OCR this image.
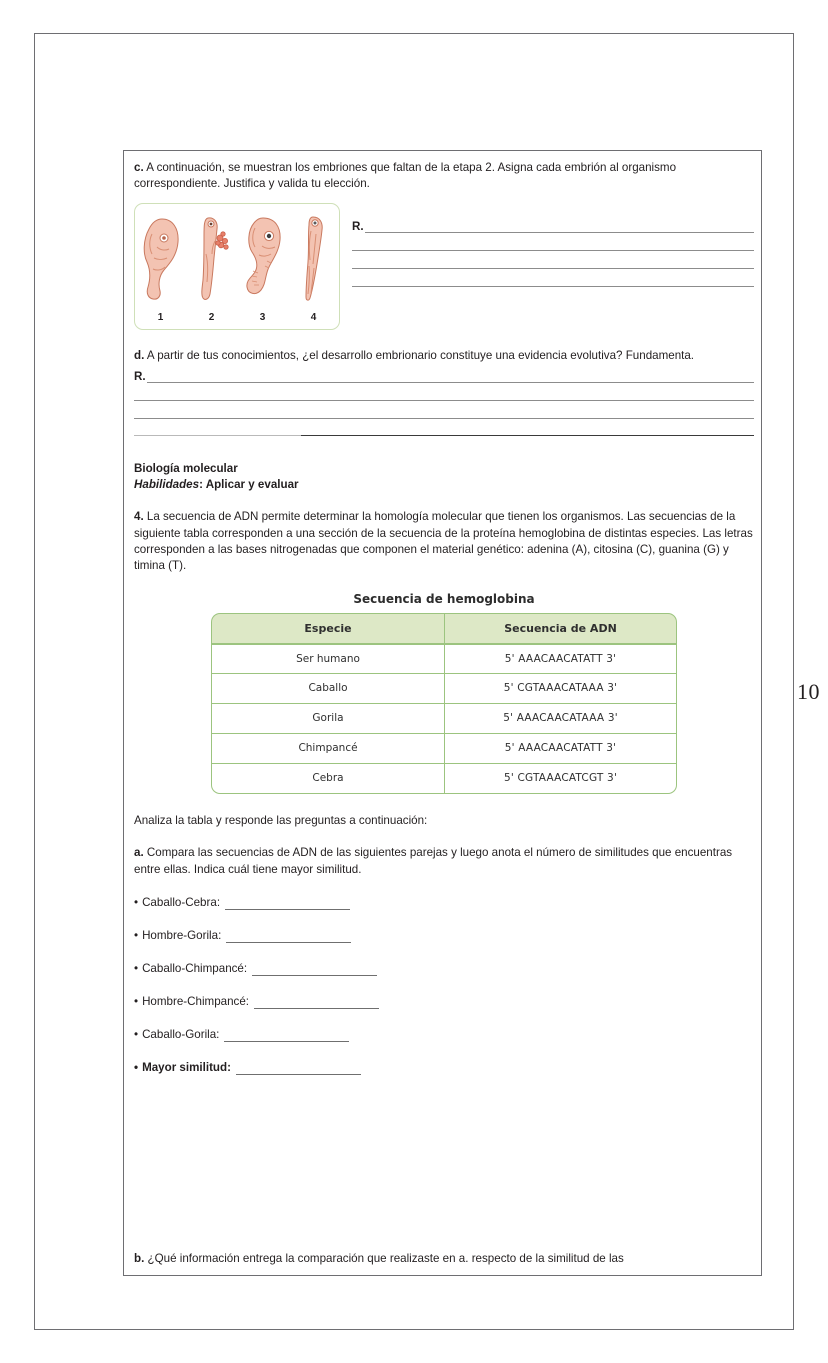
10

c. A continuación, se muestran los embriones que faltan de la etapa 2. Asigna cada embrión al organismo correspondiente. Justifica y valida tu elección.

1	2	3	4
R.

d. A partir de tus conocimientos, ¿el desarrollo embrionario constituye una evidencia evolutiva? Fundamenta.

R.

Biología molecular

Habilidades: Aplicar y evaluar

4. La secuencia de ADN permite determinar la homología molecular que tienen los organismos. Las secuencias de la siguiente tabla corresponden a una sección de la secuencia de la proteína hemoglobina de distintas especies. Las letras corresponden a las bases nitrogenadas que componen el material genético: adenina (A), citosina (C), guanina (G) y timina (T).

Secuencia de hemoglobina
Especie	Secuencia de ADN
Ser humano	5' AAACAACATATT 3'
Caballo	5' CGTAAACATAAA 3'
Gorila	5' AAACAACATAAA 3'
Chimpancé	5' AAACAACATATT 3'
Cebra	5' CGTAAACATCGT 3'

Analiza la tabla y responde las preguntas a continuación:

a. Compara las secuencias de ADN de las siguientes parejas y luego anota el número de similitudes que encuentras entre ellas. Indica cuál tiene mayor similitud.

• Caballo-Cebra:
• Hombre-Gorila:
• Caballo-Chimpancé:
• Hombre-Chimpancé:
• Caballo-Gorila:
• Mayor similitud:

b. ¿Qué información entrega la comparación que realizaste en a. respecto de la similitud de las
